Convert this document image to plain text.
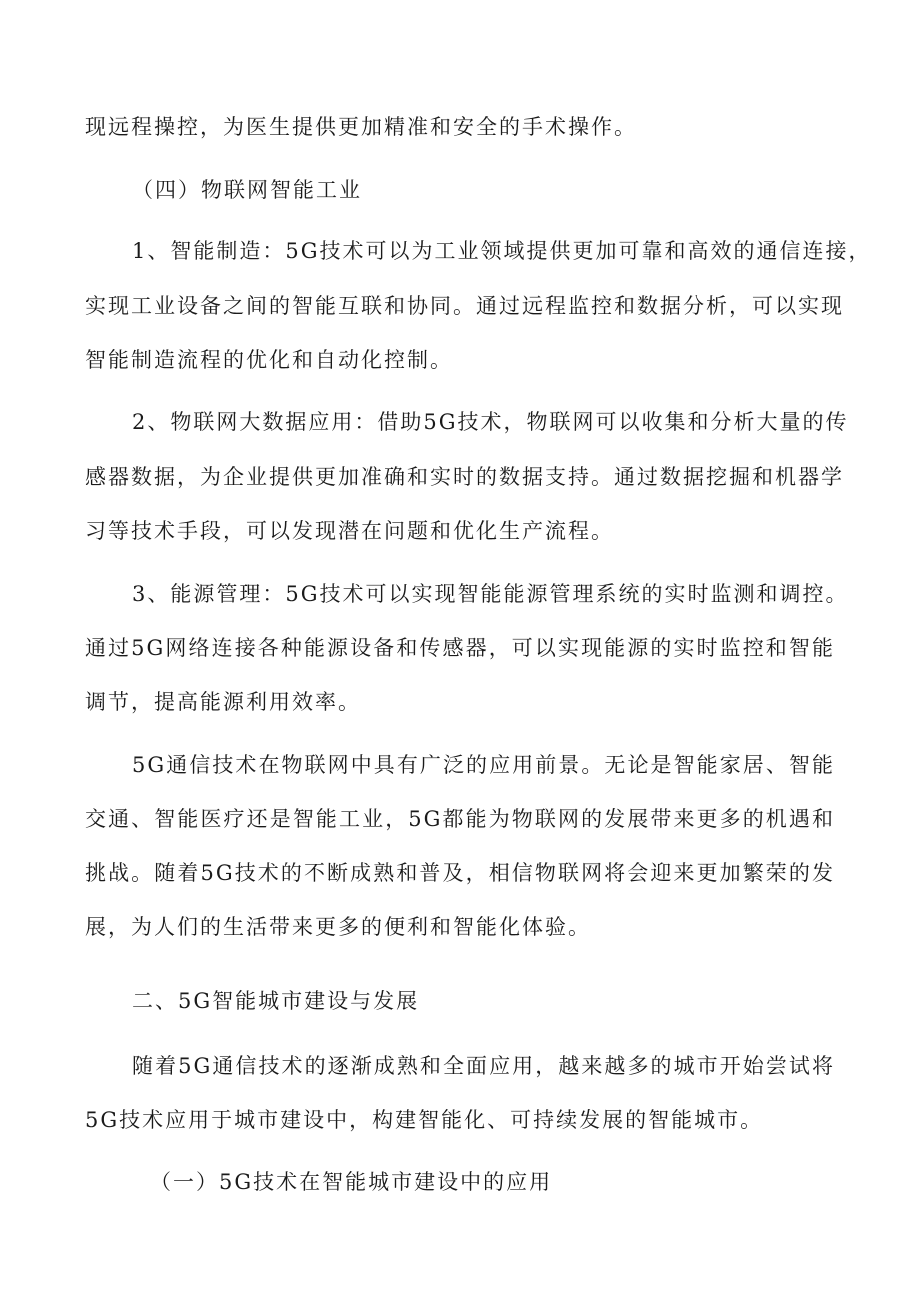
现远程操控，为医生提供更加精准和安全的手术操作。
（四）物联网智能工业
1、智能制造：5G技术可以为工业领域提供更加可靠和高效的通信连接，
实现工业设备之间的智能互联和协同。通过远程监控和数据分析，可以实现
智能制造流程的优化和自动化控制。
2、物联网大数据应用：借助5G技术，物联网可以收集和分析大量的传
感器数据，为企业提供更加准确和实时的数据支持。通过数据挖掘和机器学
习等技术手段，可以发现潜在问题和优化生产流程。
3、能源管理：5G技术可以实现智能能源管理系统的实时监测和调控。
通过5G网络连接各种能源设备和传感器，可以实现能源的实时监控和智能
调节，提高能源利用效率。
5G通信技术在物联网中具有广泛的应用前景。无论是智能家居、智能
交通、智能医疗还是智能工业，5G都能为物联网的发展带来更多的机遇和
挑战。随着5G技术的不断成熟和普及，相信物联网将会迎来更加繁荣的发
展，为人们的生活带来更多的便利和智能化体验。
二、5G智能城市建设与发展
随着5G通信技术的逐渐成熟和全面应用，越来越多的城市开始尝试将
5G技术应用于城市建设中，构建智能化、可持续发展的智能城市。
（一）5G技术在智能城市建设中的应用
